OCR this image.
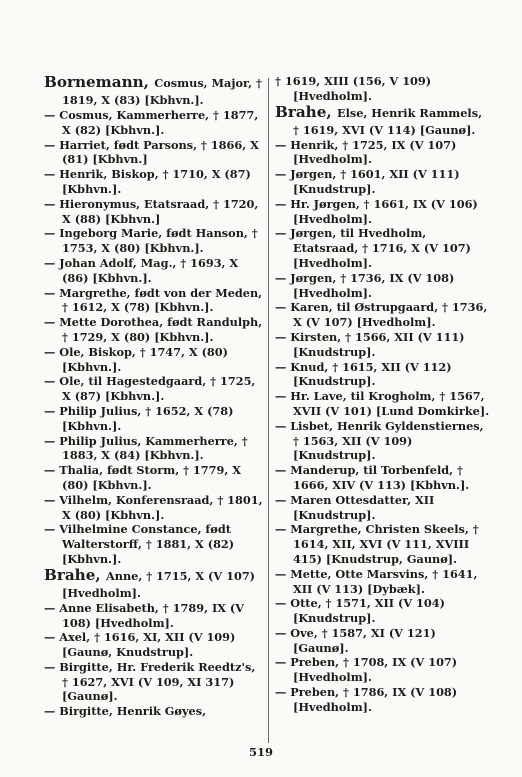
Bornemann, Cosmus, Major, † 1819, X (83) [Kbhvn.].

— Cosmus, Kammerherre, † 1877, X (82) [Kbhvn.].

— Harriet, født Parsons, † 1866, X (81) [Kbhvn.]

— Henrik, Biskop, † 1710, X (87) [Kbhvn.].

— Hieronymus, Etatsraad, † 1720, X (88) [Kbhvn.]

— Ingeborg Marie, født Hanson, † 1753, X (80) [Kbhvn.].

— Johan Adolf, Mag., † 1693, X (86) [Kbhvn.].

— Margrethe, født von der Meden, † 1612, X (78) [Kbhvn.].

— Mette Dorothea, født Randulph, † 1729, X (80) [Kbhvn.].

— Ole, Biskop, † 1747, X (80) [Kbhvn.].

— Ole, til Hagestedgaard, † 1725, X (87) [Kbhvn.].

— Philip Julius, † 1652, X (78) [Kbhvn.].

— Philip Julius, Kammerherre, † 1883, X (84) [Kbhvn.].

— Thalia, født Storm, † 1779, X (80) [Kbhvn.].

— Vilhelm, Konferensraad, † 1801, X (80) [Kbhvn.].

— Vilhelmine Constance, født Walterstorff, † 1881, X (82) [Kbhvn.].

Brahe, Anne, † 1715, X (V 107) [Hvedholm].

— Anne Elisabeth, † 1789, IX (V 108) [Hvedholm].

— Axel, † 1616, XI, XII (V 109) [Gaunø, Knudstrup].

— Birgitte, Hr. Frederik Reedtz's, † 1627, XVI (V 109, XI 317) [Gaunø].

— Birgitte, Henrik Gøyes,

† 1619, XIII (156, V 109) [Hvedholm].

Brahe, Else, Henrik Rammels, † 1619, XVI (V 114) [Gaunø].

— Henrik, † 1725, IX (V 107) [Hvedholm].

— Jørgen, † 1601, XII (V 111) [Knudstrup].

— Hr. Jørgen, † 1661, IX (V 106) [Hvedholm].

— Jørgen, til Hvedholm, Etatsraad, † 1716, X (V 107) [Hvedholm].

— Jørgen, † 1736, IX (V 108) [Hvedholm].

— Karen, til Østrupgaard, † 1736, X (V 107) [Hvedholm].

— Kirsten, † 1566, XII (V 111) [Knudstrup].

— Knud, † 1615, XII (V 112) [Knudstrup].

— Hr. Lave, til Krogholm, † 1567, XVII (V 101) [Lund Domkirke].

— Lisbet, Henrik Gyldenstiernes, † 1563, XII (V 109) [Knudstrup].

— Manderup, til Torbenfeld, † 1666, XIV (V 113) [Kbhvn.].

— Maren Ottesdatter, XII [Knudstrup].

— Margrethe, Christen Skeels, † 1614, XII, XVI (V 111, XVIII 415) [Knudstrup, Gaunø].

— Mette, Otte Marsvins, † 1641, XII (V 113) [Dybæk].

— Otte, † 1571, XII (V 104) [Knudstrup].

— Ove, † 1587, XI (V 121) [Gaunø].

— Preben, † 1708, IX (V 107) [Hvedholm].

— Preben, † 1786, IX (V 108) [Hvedholm].

519
